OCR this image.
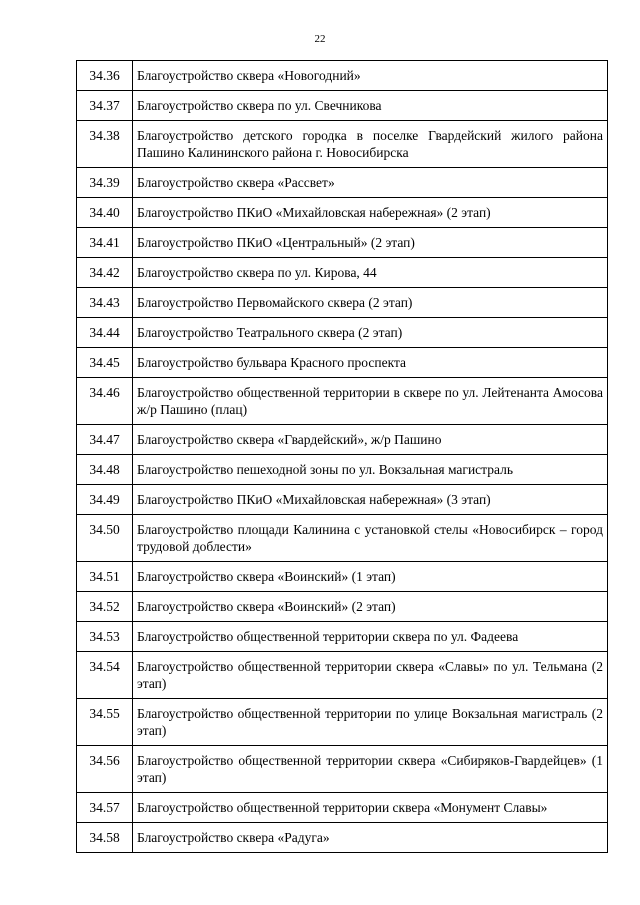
22
34.36	Благоустройство сквера «Новогодний»
34.37	Благоустройство сквера по ул. Свечникова
34.38	Благоустройство детского городка в поселке Гвардейский жилого района Пашино Калининского района г. Новосибирска
34.39	Благоустройство сквера «Рассвет»
34.40	Благоустройство ПКиО «Михайловская набережная» (2 этап)
34.41	Благоустройство ПКиО «Центральный» (2 этап)
34.42	Благоустройство сквера по ул. Кирова, 44
34.43	Благоустройство Первомайского сквера (2 этап)
34.44	Благоустройство Театрального сквера (2 этап)
34.45	Благоустройство бульвара Красного проспекта
34.46	Благоустройство общественной территории в сквере по ул. Лейтенанта Амосова ж/р Пашино (плац)
34.47	Благоустройство сквера «Гвардейский», ж/р Пашино
34.48	Благоустройство пешеходной зоны по ул. Вокзальная магистраль
34.49	Благоустройство ПКиО «Михайловская набережная» (3 этап)
34.50	Благоустройство площади Калинина с установкой стелы «Новосибирск – город трудовой доблести»
34.51	Благоустройство сквера «Воинский» (1 этап)
34.52	Благоустройство сквера «Воинский» (2 этап)
34.53	Благоустройство общественной территории сквера по ул. Фадеева
34.54	Благоустройство общественной территории сквера «Славы» по ул. Тельмана (2 этап)
34.55	Благоустройство общественной территории по улице Вокзальная магистраль (2 этап)
34.56	Благоустройство общественной территории сквера «Сибиряков-Гвардейцев» (1 этап)
34.57	Благоустройство общественной территории сквера «Монумент Славы»
34.58	Благоустройство сквера «Радуга»
